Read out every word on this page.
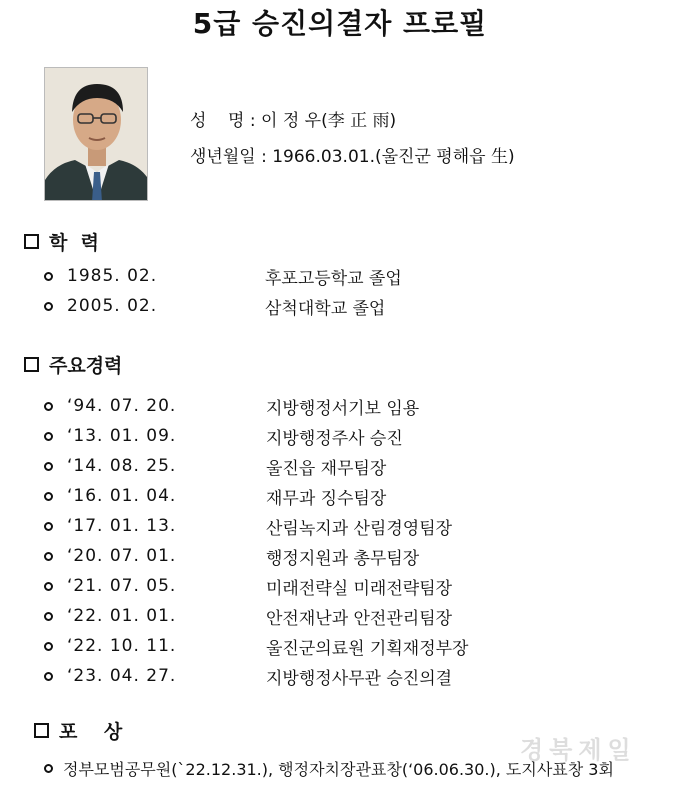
5급 승진의결자 프로필
성    명 : 이 정 우(李 正 雨)
생년월일 : 1966.03.01.(울진군 평해읍 生)
학  력
1985. 02.	후포고등학교 졸업
2005. 02.	삼척대학교 졸업
주요경력
‘94. 07. 20.	지방행정서기보 임용
‘13. 01. 09.	지방행정주사 승진
‘14. 08. 25.	울진읍 재무팀장
‘16. 01. 04.	재무과 징수팀장
‘17. 01. 13.	산림녹지과 산림경영팀장
‘20. 07. 01.	행정지원과 총무팀장
‘21. 07. 05.	미래전략실 미래전략팀장
‘22. 01. 01.	안전재난과 안전관리팀장
‘22. 10. 11.	울진군의료원 기획재정부장
‘23. 04. 27.	지방행정사무관 승진의결
포    상
정부모범공무원(`22.12.31.), 행정자치장관표창(‘06.06.30.), 도지사표창 3회
경북제일
